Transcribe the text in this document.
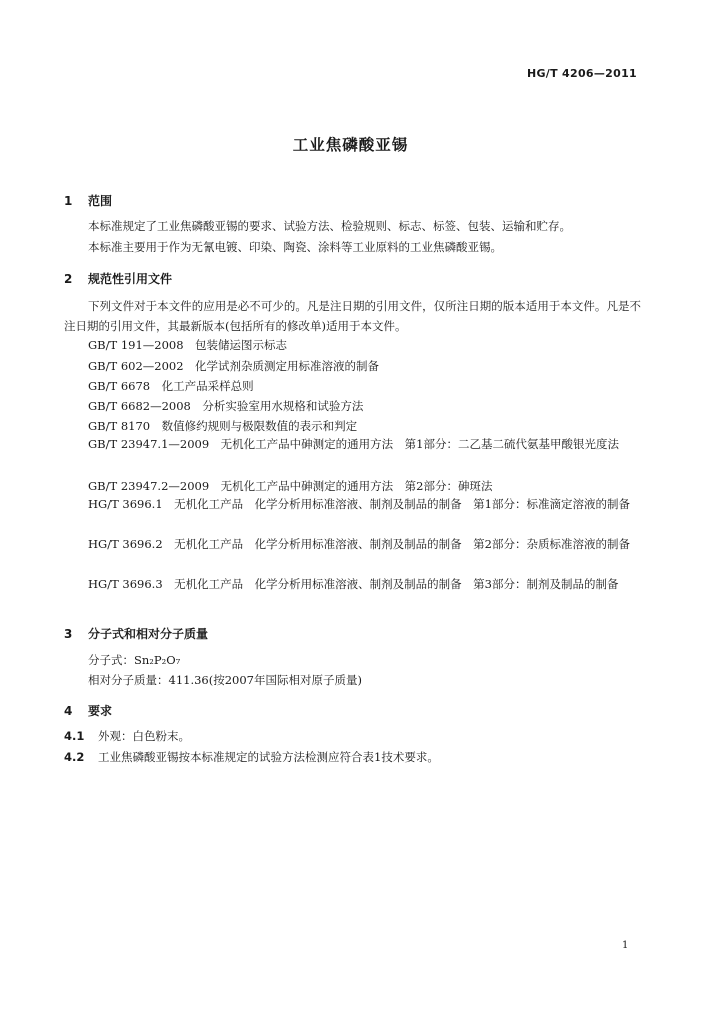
HG/T 4206—2011
工业焦磷酸亚锡
1 范围
本标准规定了工业焦磷酸亚锡的要求、试验方法、检验规则、标志、标签、包装、运输和贮存。
本标准主要用于作为无氰电镀、印染、陶瓷、涂料等工业原料的工业焦磷酸亚锡。
2 规范性引用文件
下列文件对于本文件的应用是必不可少的。凡是注日期的引用文件，仅所注日期的版本适用于本文件。凡是不注日期的引用文件，其最新版本(包括所有的修改单)适用于本文件。
GB/T 191—2008　包装储运图示标志
GB/T 602—2002　化学试剂杂质测定用标准溶液的制备
GB/T 6678　化工产品采样总则
GB/T 6682—2008　分析实验室用水规格和试验方法
GB/T 8170　数值修约规则与极限数值的表示和判定
GB/T 23947.1—2009　无机化工产品中砷测定的通用方法　第1部分：二乙基二硫代氨基甲酸银光度法
GB/T 23947.2—2009　无机化工产品中砷测定的通用方法　第2部分：砷斑法
HG/T 3696.1　无机化工产品　化学分析用标准溶液、制剂及制品的制备　第1部分：标准滴定溶液的制备
HG/T 3696.2　无机化工产品　化学分析用标准溶液、制剂及制品的制备　第2部分：杂质标准溶液的制备
HG/T 3696.3　无机化工产品　化学分析用标准溶液、制剂及制品的制备　第3部分：制剂及制品的制备
3 分子式和相对分子质量
分子式：Sn₂P₂O₇
相对分子质量：411.36(按2007年国际相对原子质量)
4 要求
4.1 外观：白色粉末。
4.2 工业焦磷酸亚锡按本标准规定的试验方法检测应符合表1技术要求。
1
